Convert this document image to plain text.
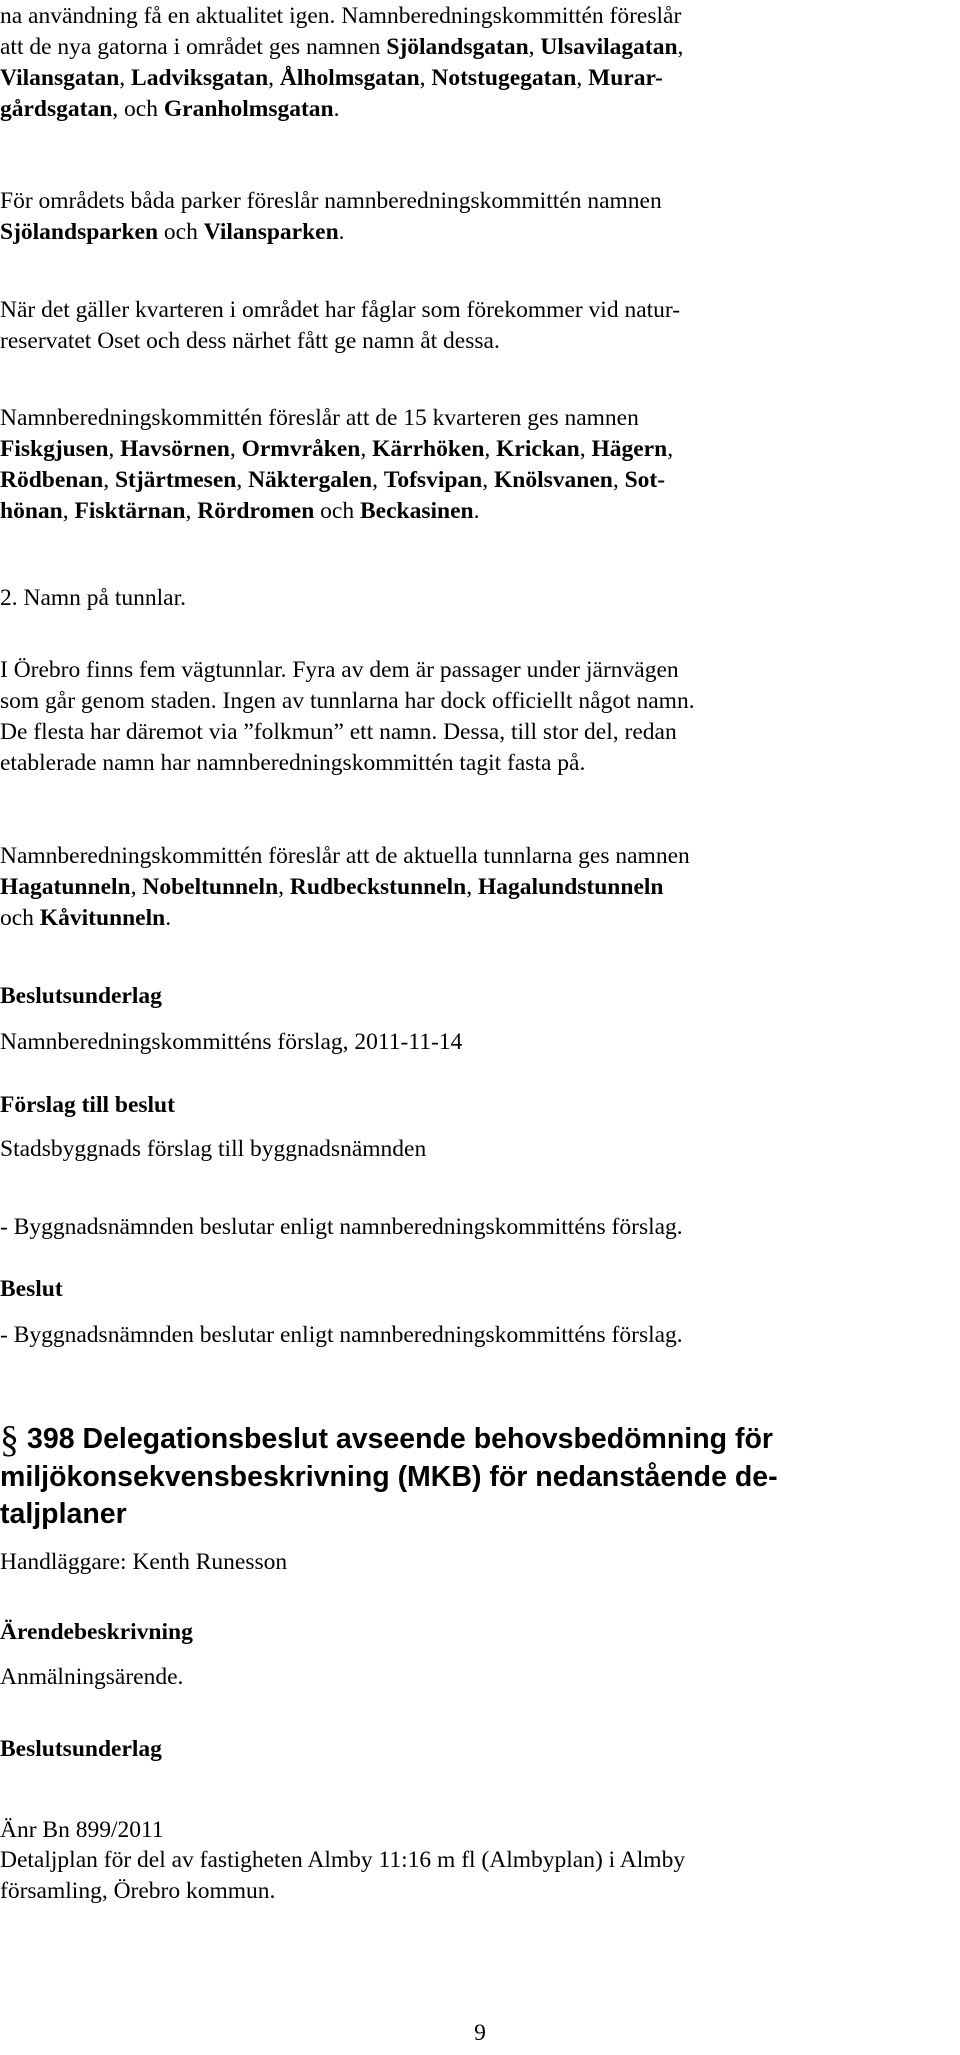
na användning få en aktualitet igen. Namnberedningskommittén föreslår
att de nya gatorna i området ges namnen Sjölandsgatan, Ulsavilagatan,
Vilansgatan, Ladviksgatan, Ålholmsgatan, Notstugegatan, Murar-
gårdsgatan, och Granholmsgatan.
För områdets båda parker föreslår namnberedningskommittén namnen
Sjölandsparken och Vilansparken.
När det gäller kvarteren i området har fåglar som förekommer vid natur-
reservatet Oset och dess närhet fått ge namn åt dessa.
Namnberedningskommittén föreslår att de 15 kvarteren ges namnen
Fiskgjusen, Havsörnen, Ormvråken, Kärrhöken, Krickan, Hägern,
Rödbenan, Stjärtmesen, Näktergalen, Tofsvipan, Knölsvanen, Sot-
hönan, Fisktärnan, Rördromen och Beckasinen.
2. Namn på tunnlar.
I Örebro finns fem vägtunnlar. Fyra av dem är passager under järnvägen
som går genom staden. Ingen av tunnlarna har dock officiellt något namn.
De flesta har däremot via ”folkmun” ett namn. Dessa, till stor del, redan
etablerade namn har namnberedningskommittén tagit fasta på.
Namnberedningskommittén föreslår att de aktuella tunnlarna ges namnen
Hagatunneln, Nobeltunneln, Rudbeckstunneln, Hagalundstunneln
och Kåvitunneln.
Beslutsunderlag
Namnberedningskommitténs förslag, 2011-11-14
Förslag till beslut
Stadsbyggnads förslag till byggnadsnämnden
- Byggnadsnämnden beslutar enligt namnberedningskommitténs förslag.
Beslut
- Byggnadsnämnden beslutar enligt namnberedningskommitténs förslag.
§ 398 Delegationsbeslut avseende behovsbedömning för
miljökonsekvensbeskrivning (MKB) för nedanstående de-
taljplaner
Handläggare: Kenth Runesson
Ärendebeskrivning
Anmälningsärende.
Beslutsunderlag
Änr Bn 899/2011
Detaljplan för del av fastigheten Almby 11:16 m fl (Almbyplan) i Almby
församling, Örebro kommun.
9
